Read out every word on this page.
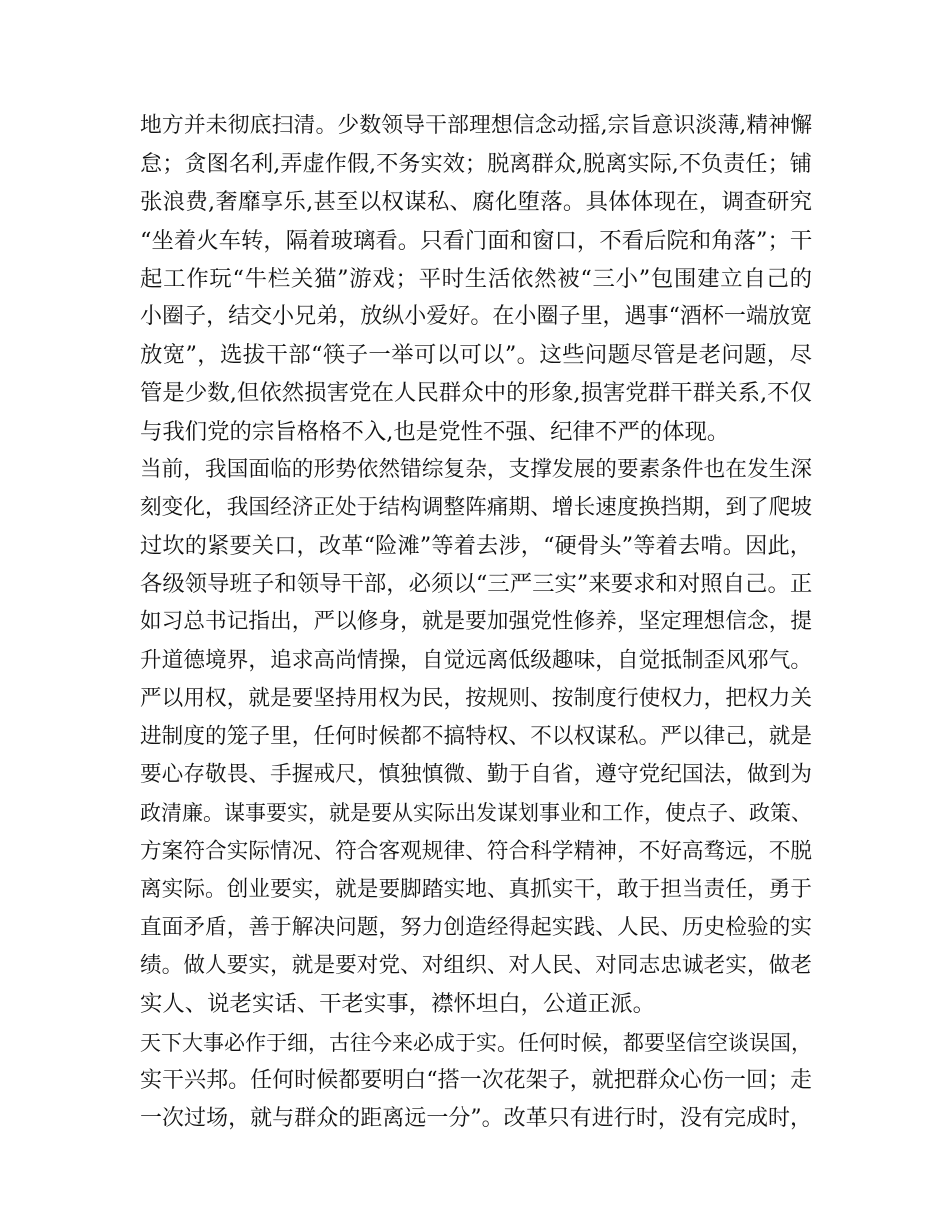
地方并未彻底扫清。少数领导干部理想信念动摇,宗旨意识淡薄,精神懈
怠；贪图名利,弄虚作假,不务实效；脱离群众,脱离实际,不负责任；铺
张浪费,奢靡享乐,甚至以权谋私、腐化堕落。具体体现在，调查研究
“坐着火车转，隔着玻璃看。只看门面和窗口，不看后院和角落”；干
起工作玩“牛栏关猫”游戏；平时生活依然被“三小”包围建立自己的
小圈子，结交小兄弟，放纵小爱好。在小圈子里，遇事“酒杯一端放宽
放宽”，选拔干部“筷子一举可以可以”。这些问题尽管是老问题，尽
管是少数,但依然损害党在人民群众中的形象,损害党群干群关系,不仅
与我们党的宗旨格格不入,也是党性不强、纪律不严的体现。
当前，我国面临的形势依然错综复杂，支撑发展的要素条件也在发生深
刻变化，我国经济正处于结构调整阵痛期、增长速度换挡期，到了爬坡
过坎的紧要关口，改革“险滩”等着去涉，“硬骨头”等着去啃。因此，
各级领导班子和领导干部，必须以“三严三实”来要求和对照自己。正
如习总书记指出，严以修身，就是要加强党性修养，坚定理想信念，提
升道德境界，追求高尚情操，自觉远离低级趣味，自觉抵制歪风邪气。
严以用权，就是要坚持用权为民，按规则、按制度行使权力，把权力关
进制度的笼子里，任何时候都不搞特权、不以权谋私。严以律己，就是
要心存敬畏、手握戒尺，慎独慎微、勤于自省，遵守党纪国法，做到为
政清廉。谋事要实，就是要从实际出发谋划事业和工作，使点子、政策、
方案符合实际情况、符合客观规律、符合科学精神，不好高骛远，不脱
离实际。创业要实，就是要脚踏实地、真抓实干，敢于担当责任，勇于
直面矛盾，善于解决问题，努力创造经得起实践、人民、历史检验的实
绩。做人要实，就是要对党、对组织、对人民、对同志忠诚老实，做老
实人、说老实话、干老实事，襟怀坦白，公道正派。
天下大事必作于细，古往今来必成于实。任何时候，都要坚信空谈误国，
实干兴邦。任何时候都要明白“搭一次花架子，就把群众心伤一回；走
一次过场，就与群众的距离远一分”。改革只有进行时，没有完成时，
